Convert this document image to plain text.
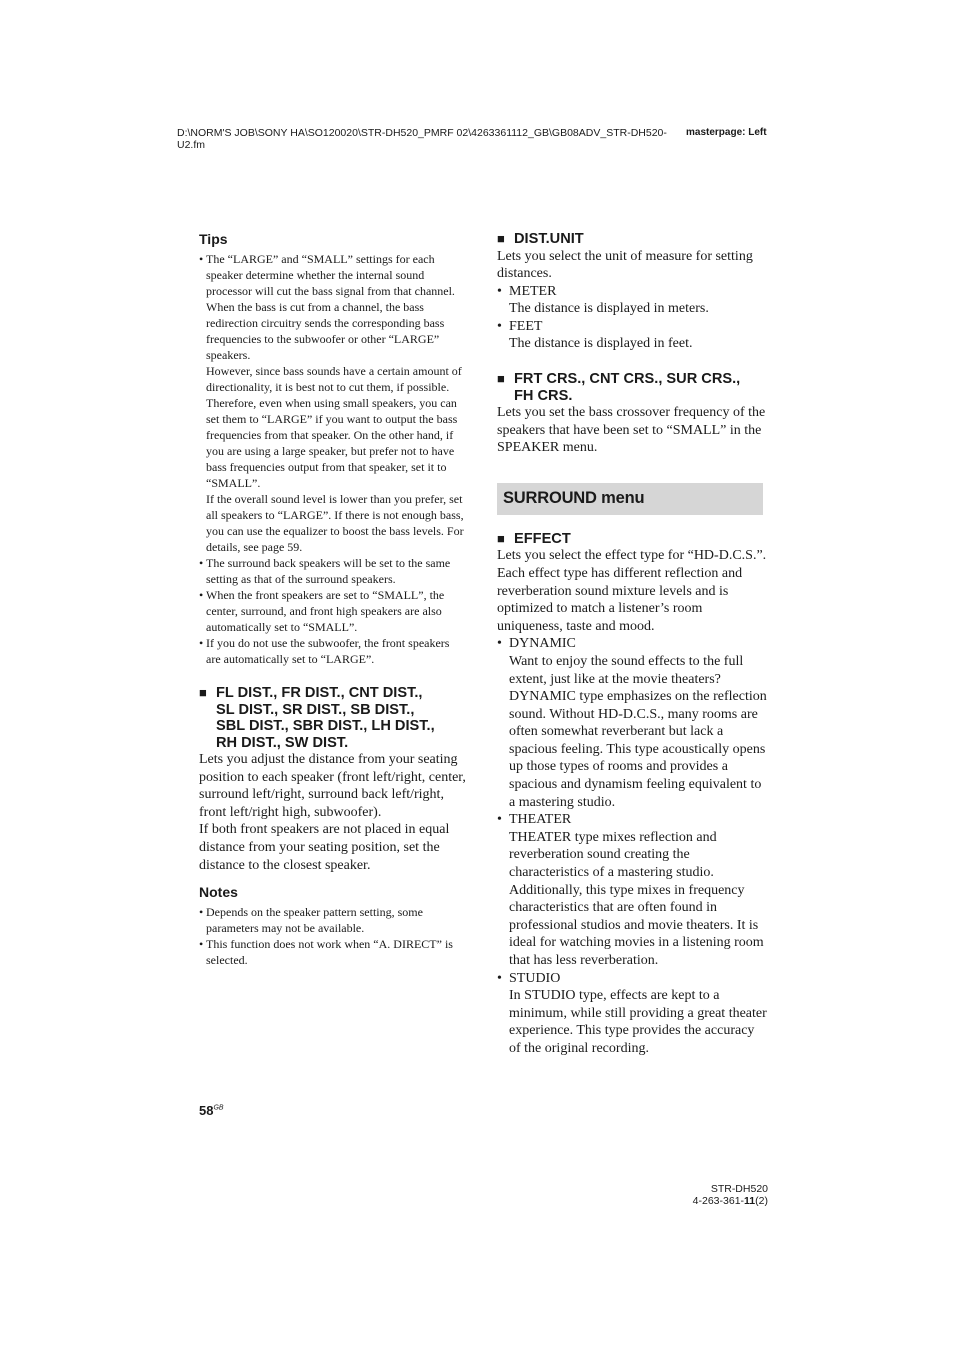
D:\NORM'S JOB\SONY HA\SO120020\STR-DH520_PMRF 02\4263361112_GB\GB08ADV_STR-DH520-U2.fm
masterpage: Left
Tips
• The “LARGE” and “SMALL” settings for each speaker determine whether the internal sound processor will cut the bass signal from that channel.
When the bass is cut from a channel, the bass redirection circuitry sends the corresponding bass frequencies to the subwoofer or other “LARGE” speakers.
However, since bass sounds have a certain amount of directionality, it is best not to cut them, if possible. Therefore, even when using small speakers, you can set them to “LARGE” if you want to output the bass frequencies from that speaker. On the other hand, if you are using a large speaker, but prefer not to have bass frequencies output from that speaker, set it to “SMALL”.
If the overall sound level is lower than you prefer, set all speakers to “LARGE”. If there is not enough bass, you can use the equalizer to boost the bass levels. For details, see page 59.
• The surround back speakers will be set to the same setting as that of the surround speakers.
• When the front speakers are set to “SMALL”, the center, surround, and front high speakers are also automatically set to “SMALL”.
• If you do not use the subwoofer, the front speakers are automatically set to “LARGE”.
■ FL DIST., FR DIST., CNT DIST.,
SL DIST., SR DIST., SB DIST.,
SBL DIST., SBR DIST., LH DIST.,
RH DIST., SW DIST.

Lets you adjust the distance from your seating position to each speaker (front left/right, center, surround left/right, surround back left/right, front left/right high, subwoofer).

If both front speakers are not placed in equal distance from your seating position, set the distance to the closest speaker.

Notes
• Depends on the speaker pattern setting, some parameters may not be available.
• This function does not work when “A. DIRECT” is selected.
■ DIST.UNIT

Lets you select the unit of measure for setting distances.

• METER
The distance is displayed in meters.
• FEET
The distance is displayed in feet.
■ FRT CRS., CNT CRS., SUR CRS.,
FH CRS.

Lets you set the bass crossover frequency of the speakers that have been set to “SMALL” in the SPEAKER menu.

SURROUND menu
■ EFFECT

Lets you select the effect type for “HD-D.C.S.”. Each effect type has different reflection and reverberation sound mixture levels and is optimized to match a listener’s room uniqueness, taste and mood.

• DYNAMIC
Want to enjoy the sound effects to the full extent, just like at the movie theaters? DYNAMIC type emphasizes on the reflection sound. Without HD-D.C.S., many rooms are often somewhat reverberant but lack a spacious feeling. This type acoustically opens up those types of rooms and provides a spacious and dynamism feeling equivalent to a mastering studio.
• THEATER
THEATER type mixes reflection and reverberation sound creating the characteristics of a mastering studio. Additionally, this type mixes in frequency characteristics that are often found in professional studios and movie theaters. It is ideal for watching movies in a listening room that has less reverberation.
• STUDIO
In STUDIO type, effects are kept to a minimum, while still providing a great theater experience. This type provides the accuracy of the original recording.
$58^{GB}$
STR-DH520
4-263-361-11(2)
